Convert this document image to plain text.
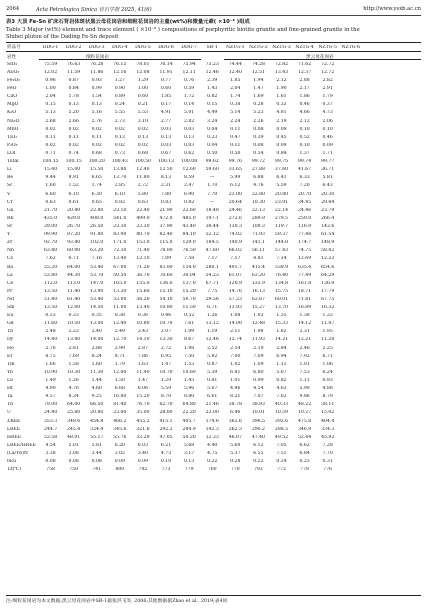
2064	Acta Petrologica Sinica 岩石学报 2025, 41(6)	http://www.ysxb.ac.cn
表3 大顶 Fe-Sn 矿床石背岩体斑状黑云母花岗岩和细粒花岗岩的主量(wt%)和微量元素( ×10⁻⁶ )组成
Table 3 Major (wt%) element and trace element ( ×10⁻⁶ ) compositions of porphyritic biotite granite and fine-grained granite in the
Shibei pluton of the Dading Fe-Sn deposit
样品号	DDG-1	DDG-2	DDG-3	DDG-4	DDG-5	DDG-6	DDG-7	SB-1	NZTG-1 NZTG-2 NZTG-3 NZTG-4 NZTG-5 NZTG-6
岩性	细粒花岗岩	黑云母花岗岩
SiO₂	75.59	76.63	76.28	76.15	78.01	76.14	75.94	73.23	74.44	74.28	72.82	71.62	72.72
Al₂O₃	12.02	11.59	11.86	12.16	12.08	11.91	12.11	12.46	12.40	12.51	13.43	12.37	12.72
Fe₂O₃	0.96	0.87	0.93	1.27	1.29	0.77	0.76	2.39	1.85	1.94	2.12	2.88	2.82
FeO	1.00	0.84	0.99	0.90	1.00	0.60	0.59	1.43	2.04	1.47	1.90	2.17	2.91
CaO	2.04	1.78	1.54	0.89	0.60	1.85	1.72	0.82	1.74	1.69	1.61	1.86	1.79
MgO	0.15	0.13	0.13	0.24	0.21	0.17	0.14	0.15	0.38	0.28	0.33	0.46	0.37
K₂O	5.13	5.20	5.16	5.55	5.53	4.91	5.01	4.49	5.14	5.23	4.81	4.66	4.73
Na₂O	2.68	2.66	2.76	2.73	3.10	2.77	2.82	3.24	2.24	2.26	2.19	2.13	2.06
MnO	0.02	0.02	0.02	0.02	0.02	0.03	0.03	0.04	0.11	0.08	0.09	0.10	0.10
TiO₂	0.11	0.11	0.11	0.13	0.13	0.13	0.13	0.23	0.47	0.39	0.45	0.52	0.46
P₂O₅	0.02	0.02	0.02	0.02	0.02	0.03	0.03	0.04	0.11	0.08	0.09	0.10	0.09
LOI	0.71	0.74	0.68	0.73	0.68	0.67	0.62	0.50	0.50	0.54	0.84	1.37	1.71
Total	100.15	100.15	100.20	100.43	100.50	100.13	100.08	99.62	99.76	99.72	99.75	99.74	99.77
Li	15.40	15.00	15.50	13.80	12.40	12.50	12.60	59.60	33.65	27.88	37.60	41.67	36.71
Be	9.44	8.91	6.65	13.70	11.80	8.13	8.59	—	5.99	6.88	6.41	6.33	5.81
Sc	1.60	1.52	1.74	2.85	2.72	2.31	2.47	1.70	6.12	4.76	5.59	7.20	6.43
V	6.60	6.10	6.30	6.10	5.80	7.80	6.90	7.70	23.00	22.80	20.80	20.70	20.30
Cr	0.63	0.61	0.65	0.82	0.63	0.83	0.82	—	20.64	10.30	23.91	34.45	29.84
Ga	21.70	20.40	22.80	23.10	22.40	21.90	22.60	18.48	24.46	22.13	22.14	24.46	23.79
Rb	435.0	429.0	408.0	541.0	499.0	472.0	485.0	197.1	272.6	289.9	279.5	259.0	266.4
Sr	29.00	26.70	26.50	23.30	23.30	37.90	43.40	38.44	130.3	109.3	119.7	116.9	142.6
Y	99.90	87.20	91.80	83.90	80.70	82.40	84.10	52.12	74.02	71.93	59.37	77.48	61.54
Zr	92.70	93.40	102.0	171.0	153.0	115.0	129.0	184.5	140.9	141.1	144.8	174.7	148.9
Nb	63.40	60.90	63.20	72.30	71.40	78.00	76.50	47.60	66.02	56.11	57.43	74.75	58.82
Cs	7.62	6.71	7.16	13.40	12.10	7.09	7.58	7.17	7.57	8.81	7.14	12.69	12.23
Ba	55.20	64.00	53.40	67.00	71.20	83.00	154.0	280.1	491.7	415.4	338.9	635.4	654.6
La	53.80	44.30	53.70	50.50	36.70	70.60	30.04	54.23	61.07	63.20	76.40	77.49	64.29
Ce	112.0	113.0	147.0	165.0	155.0	136.0	137.0	67.71	120.9	133.9	134.8	161.8	136.9
Pr	13.50	11.40	13.90	13.30	15.60	15.10	15.20	7.75	14.76	16.13	15.75	18.71	17.79
Nd	51.40	61.40	53.40	53.00	56.20	54.10	50.70	29.56	57.23	62.67	60.01	71.81	67.75
Sm	13.50	12.00	14.50	11.00	13.40	10.80	11.50	6.71	13.93	15.27	13.70	16.89	16.32
Eu	0.33	0.33	0.35	0.38	0.36	0.46	0.52	1.26	1.08	1.03	1.35	1.38	1.32
Gd	11.60	10.50	13.00	12.40	10.80	10.70	7.61	13.12	14.00	12.48	15.33	14.12	11.87
Tb	2.48	2.22	2.40	2.49	2.43	2.07	1.99	1.19	2.11	1.98	1.82	2.31	1.95
Dy	14.40	13.40	14.00	12.70	14.10	13.30	8.67	12.46	12.74	11.93	14.21	12.21	11.28
Ho	2.76	2.81	2.88	2.99	2.87	2.72	1.98	2.52	2.54	2.19	2.84	2.46	2.25
Er	8.75	7.69	8.24	8.71	7.86	6.95	7.50	5.82	7.00	7.09	6.94	7.92	6.71
Tm	1.66	1.58	1.60	1.79	1.63	1.47	1.53	0.87	1.02	1.09	1.11	1.01	1.06
Yb	10.90	10.30	11.30	12.00	11.40	10.70	10.60	5.39	6.81	6.80	5.67	7.53	6.24
Lu	1.49	1.26	1.44	1.50	1.47	1.29	1.45	0.81	1.01	0.99	0.82	1.11	0.93
Hf	4.90	4.76	4.60	6.68	6.06	5.59	5.96	5.67	4.96	4.54	4.63	5.99	4.88
Ta	9.57	8.34	9.25	16.80	15.20	8.70	8.80	6.61	8.21	7.07	7.62	9.86	8.79
Th	79.00	64.00	66.50	81.40	76.70	62.70	64.80	21.46	38.78	38.93	40.33	48.22	38.11
U	24.40	25.80	20.80	23.00	35.00	28.00	22.20	23.00	6.46	10.01	10.59	10.27	15.02
ΣREE	353.3	349.6	454.8	466.2	455.2	415.1	405.7	174.6	362.6	396.5	392.6	475.8	404.4
LREE	244.7	245.4	324.4	345.6	321.6	292.2	284.9	142.3	262.3	290.2	288.5	346.9	334.3
HREE	53.58	48.91	55.17	55.76	53.29	47.05	50.20	32.33	46.07	47.40	49.52	52.44	45.92
LREE/HREE	4.54	5.01	5.81	6.20	6.03	6.21	5.68	4.40	5.69	6.12	7.05	6.62	7.28
(La/Yb)N	3.38	3.08	3.44	3.02	3.40	4.73	3.17	4.75	5.37	6.55	7.51	6.84	7.70
δEu	0.08	0.08	0.08	0.09	0.09	0.10	0.13	0.22	0.28	0.22	0.24	0.25	0.31
Tz(℃)	758	750	741	800	792	773	779	760	770	792	772	778	776
注:细粒花岗岩为本文数据;黑云母花岗岩中SB-1据张洪飞等, 2006;其他数据据Zhao et al., 2019;表4同
